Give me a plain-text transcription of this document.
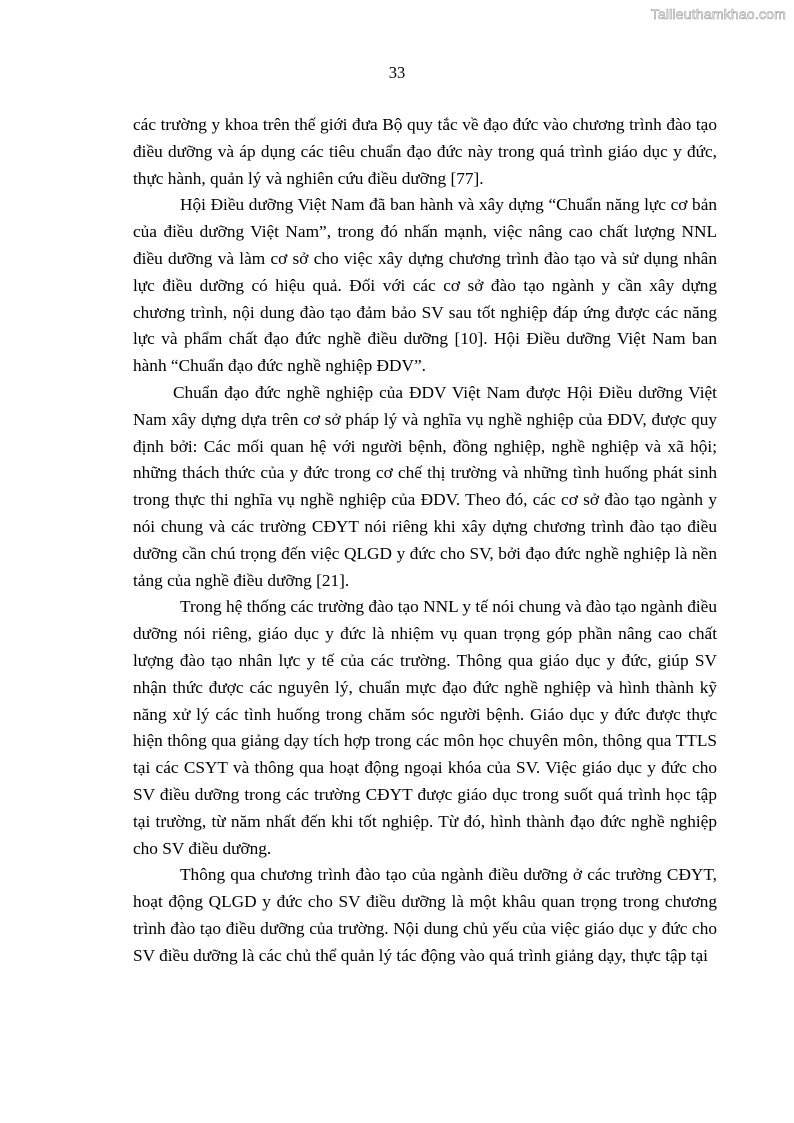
Tailieuthamkhao.com
33

các trường y khoa trên thế giới đưa Bộ quy tắc về đạo đức vào chương trình đào tạo điều dưỡng và áp dụng các tiêu chuẩn đạo đức này trong quá trình giáo dục y đức, thực hành, quản lý và nghiên cứu điều dưỡng [77].

Hội Điều dưỡng Việt Nam đã ban hành và xây dựng “Chuẩn năng lực cơ bản của điều dưỡng Việt Nam”, trong đó nhấn mạnh, việc nâng cao chất lượng NNL điều dưỡng và làm cơ sở cho việc xây dựng chương trình đào tạo và sử dụng nhân lực điều dưỡng có hiệu quả. Đối với các cơ sở đào tạo ngành y cần xây dựng chương trình, nội dung đào tạo đảm bảo SV sau tốt nghiệp đáp ứng được các năng lực và phẩm chất đạo đức nghề điều dưỡng [10]. Hội Điều dưỡng Việt Nam ban hành “Chuẩn đạo đức nghề nghiệp ĐDV”.

Chuẩn đạo đức nghề nghiệp của ĐDV Việt Nam được Hội Điều dưỡng Việt Nam xây dựng dựa trên cơ sở pháp lý và nghĩa vụ nghề nghiệp của ĐDV, được quy định bởi: Các mối quan hệ với người bệnh, đồng nghiệp, nghề nghiệp và xã hội; những thách thức của y đức trong cơ chế thị trường và những tình huống phát sinh trong thực thi nghĩa vụ nghề nghiệp của ĐDV. Theo đó, các cơ sở đào tạo ngành y nói chung và các trường CĐYT nói riêng khi xây dựng chương trình đào tạo điều dưỡng cần chú trọng đến việc QLGD y đức cho SV, bởi đạo đức nghề nghiệp là nền tảng của nghề điều dưỡng [21].

Trong hệ thống các trường đào tạo NNL y tế nói chung và đào tạo ngành điều dưỡng nói riêng, giáo dục y đức là nhiệm vụ quan trọng góp phần nâng cao chất lượng đào tạo nhân lực y tế của các trường. Thông qua giáo dục y đức, giúp SV nhận thức được các nguyên lý, chuẩn mực đạo đức nghề nghiệp và hình thành kỹ năng xử lý các tình huống trong chăm sóc người bệnh. Giáo dục y đức được thực hiện thông qua giảng dạy tích hợp trong các môn học chuyên môn, thông qua TTLS tại các CSYT và thông qua hoạt động ngoại khóa của SV. Việc giáo dục y đức cho SV điều dưỡng trong các trường CĐYT được giáo dục trong suốt quá trình học tập tại trường, từ năm nhất đến khi tốt nghiệp. Từ đó, hình thành đạo đức nghề nghiệp cho SV điều dưỡng.

Thông qua chương trình đào tạo của ngành điều dưỡng ở các trường CĐYT, hoạt động QLGD y đức cho SV điều dưỡng là một khâu quan trọng trong chương trình đào tạo điều dưỡng của trường. Nội dung chủ yếu của việc giáo dục y đức cho SV điều dưỡng là các chủ thể quản lý tác động vào quá trình giảng dạy, thực tập tại
